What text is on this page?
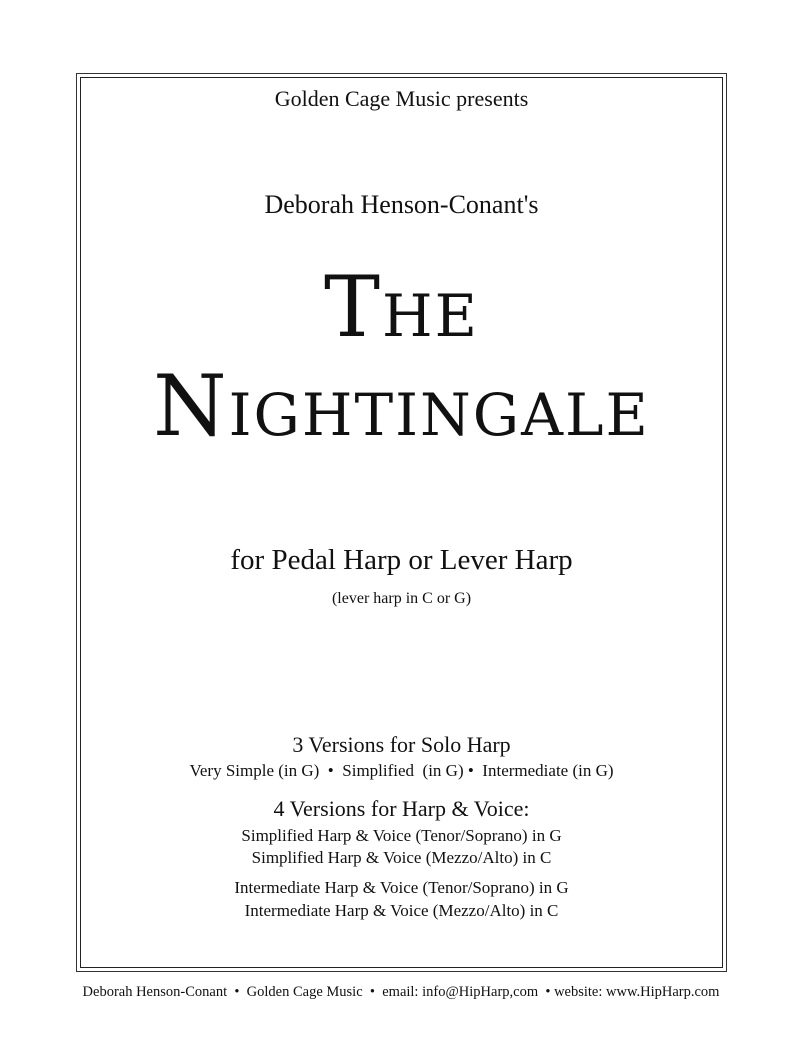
Golden Cage Music presents
Deborah Henson-Conant's
THE
NIGHTINGALE
for Pedal Harp or Lever Harp
(lever harp in C or G)
3 Versions for Solo Harp
Very Simple (in G)  •  Simplified  (in G) •  Intermediate (in G)
4 Versions for Harp & Voice:
Simplified Harp & Voice (Tenor/Soprano) in G
Simplified Harp & Voice (Mezzo/Alto) in C
Intermediate Harp & Voice (Tenor/Soprano) in G
Intermediate Harp & Voice (Mezzo/Alto) in C
Deborah Henson-Conant  •  Golden Cage Music  •  email: info@HipHarp,com  • website: www.HipHarp.com
